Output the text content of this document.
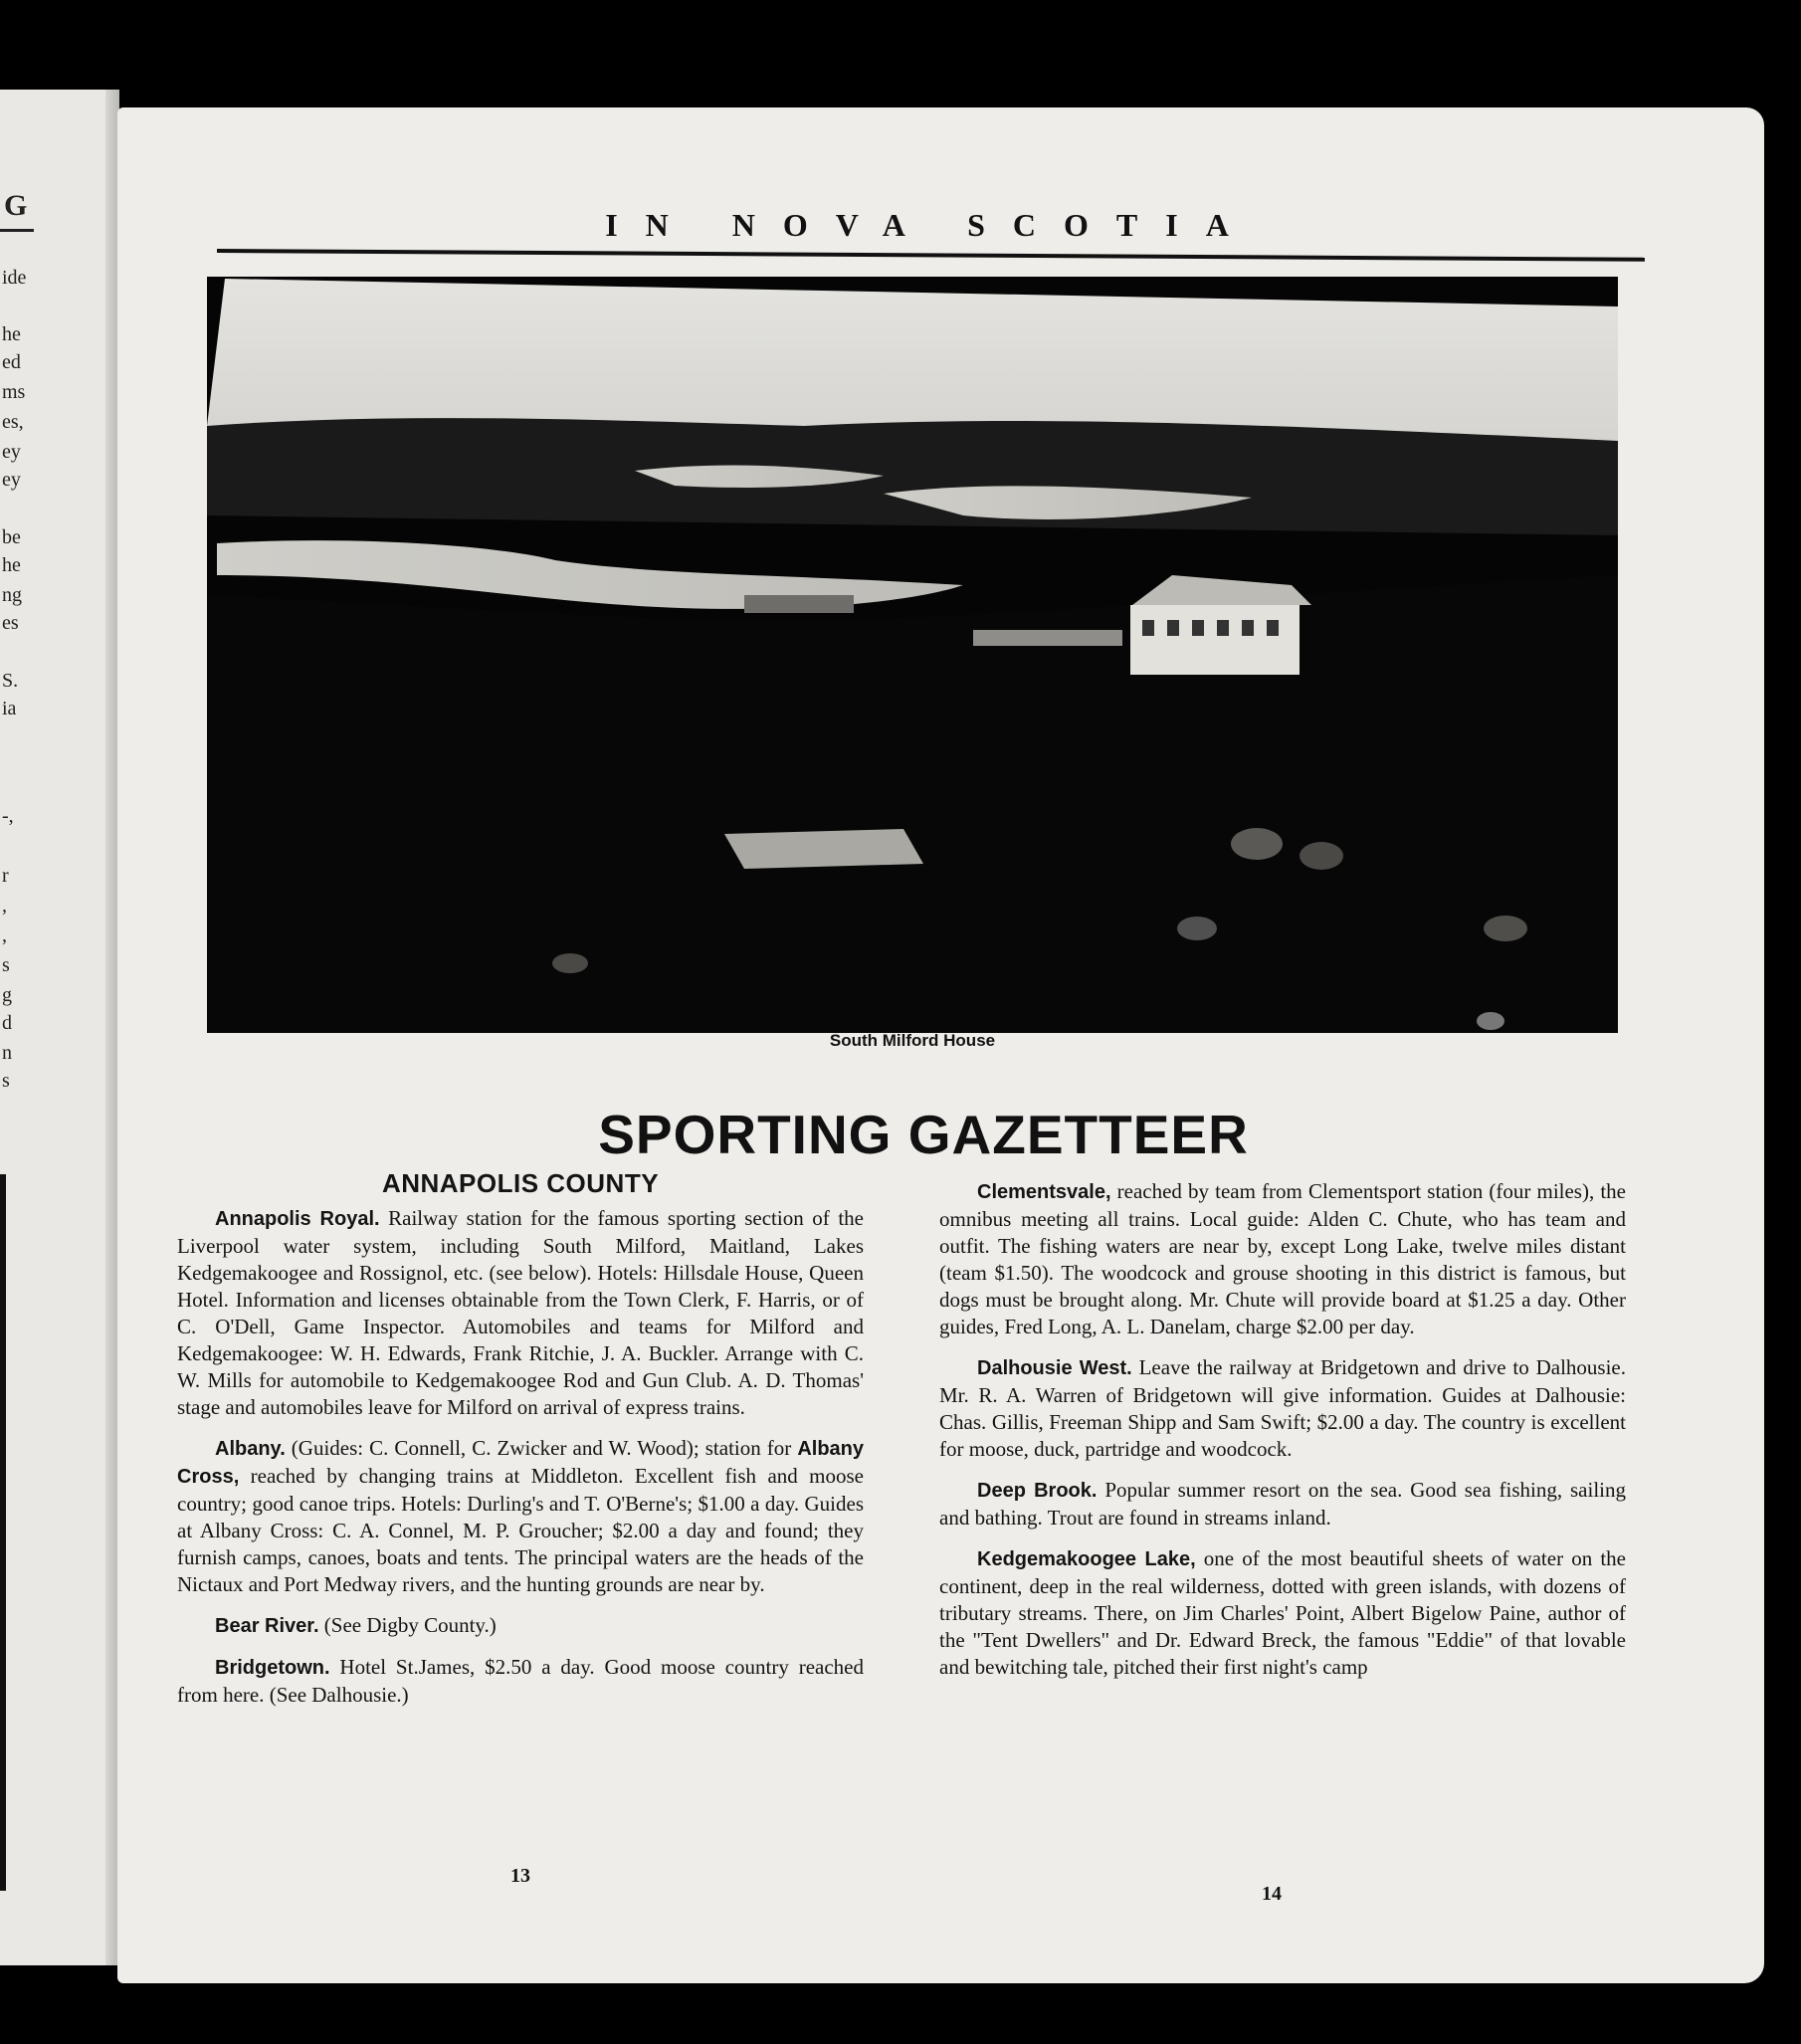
G
ide
he
ed
ms
es,
ey
ey
be
he
ng
es
S.
ia
-,
r
,
,
s
g
d
n
s
IN NOVA SCOTIA
South Milford House
SPORTING GAZETTEER
ANNAPOLIS COUNTY

Annapolis Royal. Railway station for the famous sporting section of the Liverpool water system, including South Milford, Maitland, Lakes Kedgemakoogee and Rossignol, etc. (see below). Hotels: Hillsdale House, Queen Hotel. Information and licenses obtainable from the Town Clerk, F. Harris, or of C. O'Dell, Game Inspector. Automobiles and teams for Milford and Kedgemakoogee: W. H. Edwards, Frank Ritchie, J. A. Buckler. Arrange with C. W. Mills for automobile to Kedgemakoogee Rod and Gun Club. A. D. Thomas' stage and automobiles leave for Milford on arrival of express trains.

Albany. (Guides: C. Connell, C. Zwicker and W. Wood); station for Albany Cross, reached by changing trains at Middleton. Excellent fish and moose country; good canoe trips. Hotels: Durling's and T. O'Berne's; $1.00 a day. Guides at Albany Cross: C. A. Connel, M. P. Groucher; $2.00 a day and found; they furnish camps, canoes, boats and tents. The principal waters are the heads of the Nictaux and Port Medway rivers, and the hunting grounds are near by.

Bear River. (See Digby County.)

Bridgetown. Hotel St.James, $2.50 a day. Good moose country reached from here. (See Dalhousie.)

Clementsvale, reached by team from Clementsport station (four miles), the omnibus meeting all trains. Local guide: Alden C. Chute, who has team and outfit. The fishing waters are near by, except Long Lake, twelve miles distant (team $1.50). The woodcock and grouse shooting in this district is famous, but dogs must be brought along. Mr. Chute will provide board at $1.25 a day. Other guides, Fred Long, A. L. Danelam, charge $2.00 per day.

Dalhousie West. Leave the railway at Bridgetown and drive to Dalhousie. Mr. R. A. Warren of Bridgetown will give information. Guides at Dalhousie: Chas. Gillis, Freeman Shipp and Sam Swift; $2.00 a day. The country is excellent for moose, duck, partridge and woodcock.

Deep Brook. Popular summer resort on the sea. Good sea fishing, sailing and bathing. Trout are found in streams inland.

Kedgemakoogee Lake, one of the most beautiful sheets of water on the continent, deep in the real wilderness, dotted with green islands, with dozens of tributary streams. There, on Jim Charles' Point, Albert Bigelow Paine, author of the "Tent Dwellers" and Dr. Edward Breck, the famous "Eddie" of that lovable and bewitching tale, pitched their first night's camp

13
14
